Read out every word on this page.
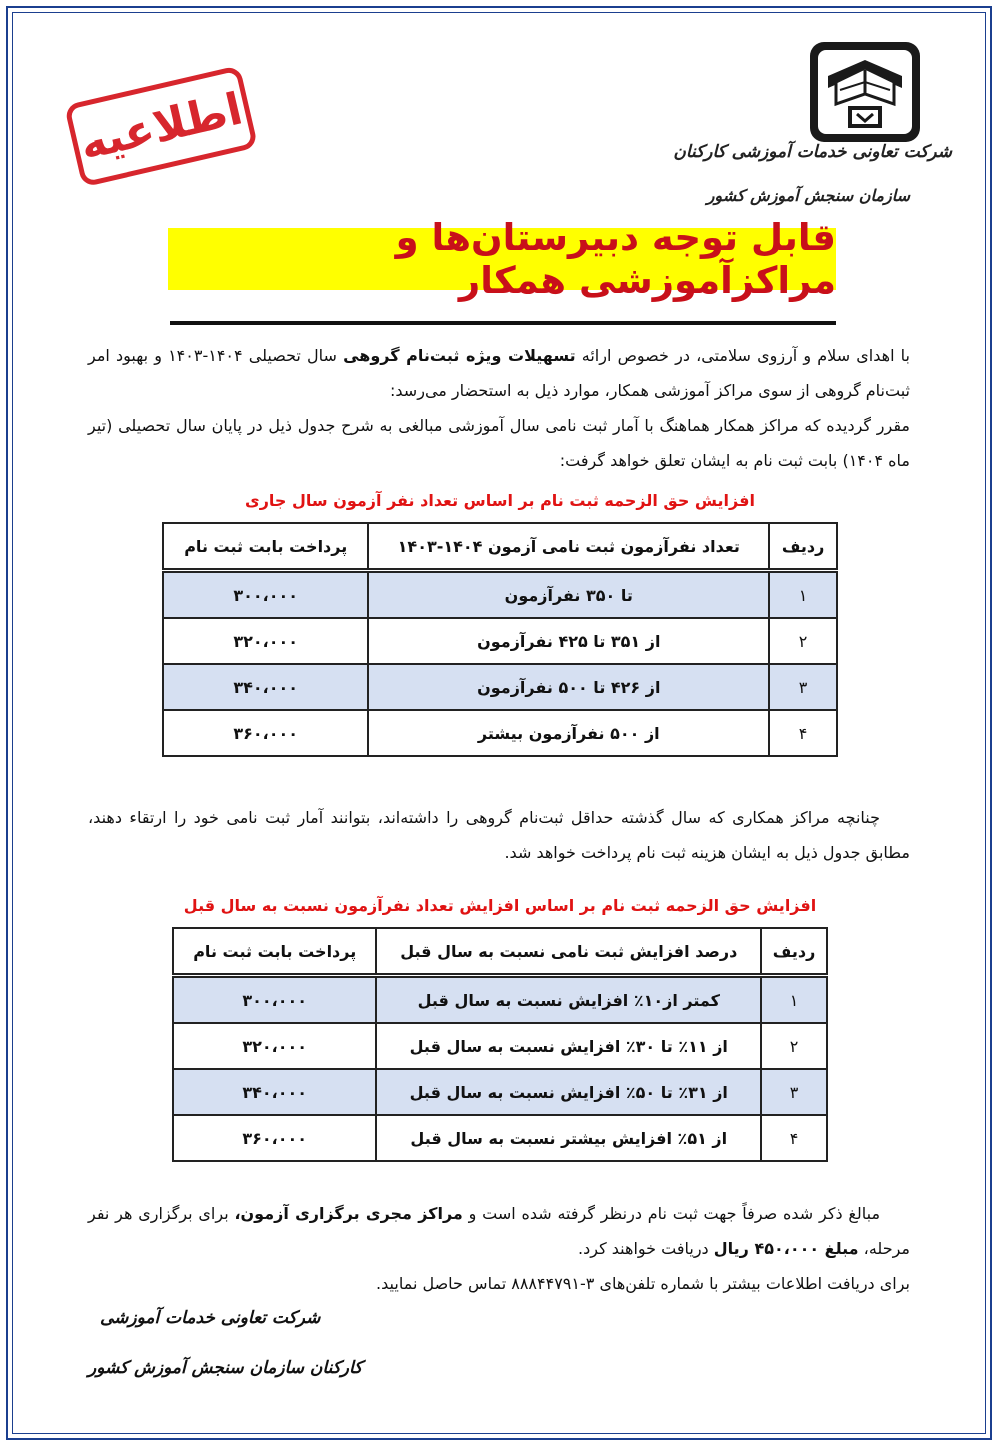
اطلاعیه	شرکت تعاونی خدمات آموزشی کارکنان
سازمان سنجش آموزش کشور
قابل توجه دبیرستان‌ها و مراکزآموزشی همکار
با اهدای سلام و آرزوی سلامتی، در خصوص ارائه تسهیلات ویژه ثبت‌نام گروهی سال تحصیلی ۱۴۰۴-۱۴۰۳ و بهبود امر ثبت‌نام گروهی از سوی مراکز آموزشی همکار، موارد ذیل به استحضار می‌رسد:
مقرر گردیده که مراکز همکار هماهنگ با آمار ثبت نامی سال آموزشی مبالغی به شرح جدول ذیل در پایان سال تحصیلی (تیر ماه ۱۴۰۴) بابت ثبت نام به ایشان تعلق خواهد گرفت:
افزایش حق الزحمه ثبت نام بر اساس تعداد نفر آزمون سال جاری
ردیف	تعداد نفرآزمون ثبت نامی آزمون ۱۴۰۴-۱۴۰۳	پرداخت بابت ثبت نام
۱	تا ۳۵۰ نفرآزمون	۳۰۰،۰۰۰
۲	از ۳۵۱ تا ۴۲۵ نفرآزمون	۳۲۰،۰۰۰
۳	از ۴۲۶ تا ۵۰۰ نفرآزمون	۳۴۰،۰۰۰
۴	از ۵۰۰ نفرآزمون بیشتر	۳۶۰،۰۰۰
چنانچه مراکز همکاری که سال گذشته حداقل ثبت‌نام گروهی را داشته‌اند، بتوانند آمار ثبت نامی خود را ارتقاء دهند، مطابق جدول ذیل به ایشان هزینه ثبت نام پرداخت خواهد شد.
افزایش حق الزحمه ثبت نام بر اساس افزایش تعداد نفرآزمون نسبت به سال قبل
ردیف	درصد افزایش ثبت نامی نسبت به سال قبل	پرداخت بابت ثبت نام
۱	کمتر از۱۰٪ افزایش نسبت به سال قبل	۳۰۰،۰۰۰
۲	از ۱۱٪ تا ۳۰٪ افزایش نسبت به سال قبل	۳۲۰،۰۰۰
۳	از ۳۱٪ تا ۵۰٪ افزایش نسبت به سال قبل	۳۴۰،۰۰۰
۴	از ۵۱٪ افزایش بیشتر نسبت به سال قبل	۳۶۰،۰۰۰
مبالغ ذکر شده صرفاً جهت ثبت نام درنظر گرفته شده است و مراکز مجری برگزاری آزمون، برای برگزاری هر نفر مرحله، مبلغ ۴۵۰،۰۰۰ ریال دریافت خواهند کرد.
برای دریافت اطلاعات بیشتر با شماره تلفن‌های ۳-۸۸۸۴۴۷۹۱ تماس حاصل نمایید.
شرکت تعاونی خدمات آموزشی
کارکنان سازمان سنجش آموزش کشور
